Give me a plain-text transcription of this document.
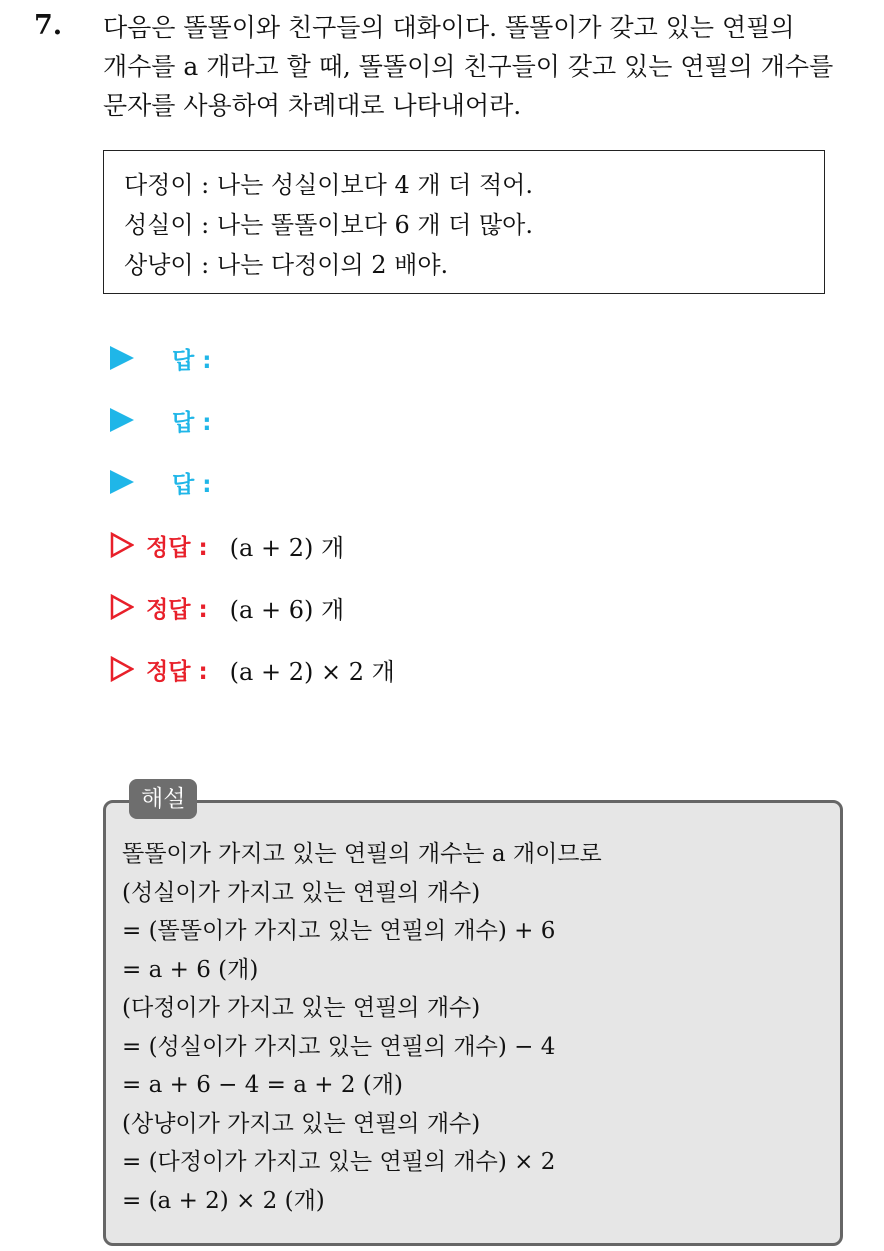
7. 다음은 똘똘이와 친구들의 대화이다. 똘똘이가 갖고 있는 연필의
개수를 a 개라고 할 때, 똘똘이의 친구들이 갖고 있는 연필의 개수를
문자를 사용하여 차례대로 나타내어라.
다정이 : 나는 성실이보다 4 개 더 적어.
성실이 : 나는 똘똘이보다 6 개 더 많아.
상냥이 : 나는 다정이의 2 배야.
답 :
답 :
답 :
정답 : (a + 2) 개
정답 : (a + 6) 개
정답 : (a + 2) × 2 개
해설
똘똘이가 가지고 있는 연필의 개수는 a 개이므로
(성실이가 가지고 있는 연필의 개수)
= (똘똘이가 가지고 있는 연필의 개수) + 6
= a + 6 (개)
(다정이가 가지고 있는 연필의 개수)
= (성실이가 가지고 있는 연필의 개수) − 4
= a + 6 − 4 = a + 2 (개)
(상냥이가 가지고 있는 연필의 개수)
= (다정이가 가지고 있는 연필의 개수) × 2
= (a + 2) × 2 (개)
